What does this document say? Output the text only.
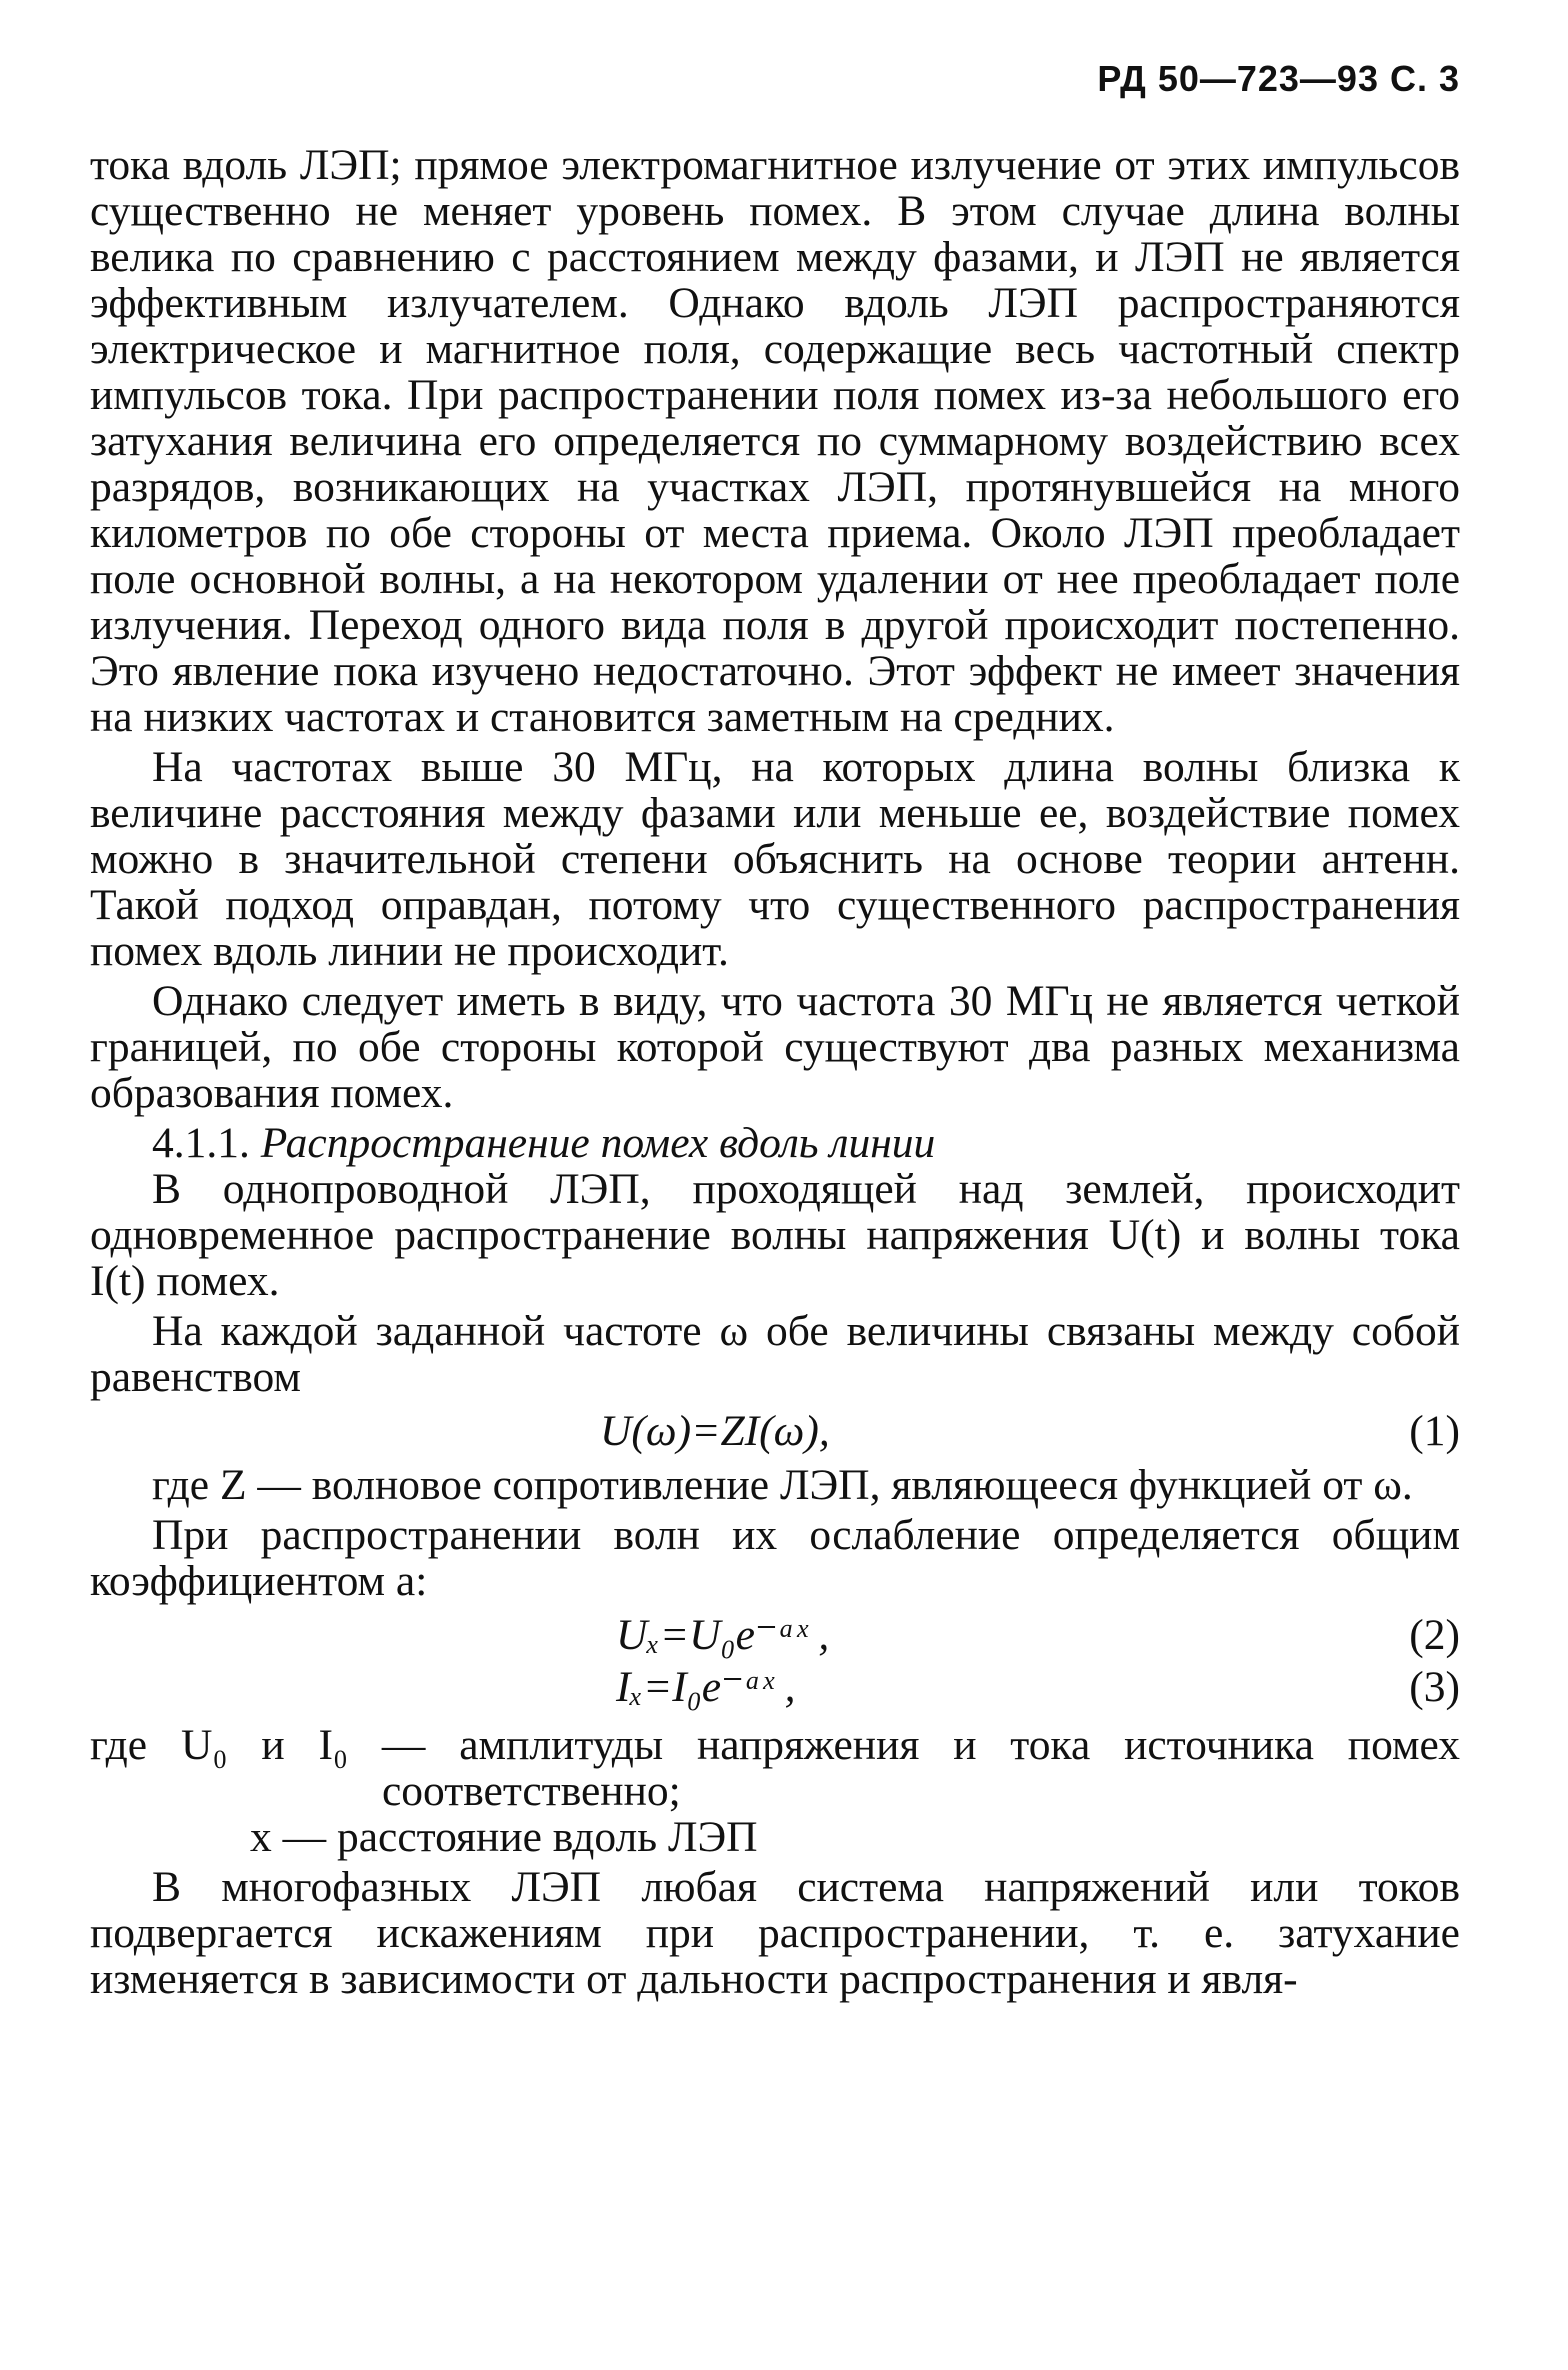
РД 50—723—93 С. 3

тока вдоль ЛЭП; прямое электромагнитное излучение от этих импульсов существенно не меняет уровень помех. В этом случае длина волны велика по сравнению с расстоянием между фазами, и ЛЭП не является эффективным излучателем. Однако вдоль ЛЭП распространяются электрическое и магнитное поля, содержащие весь частотный спектр импульсов тока. При распространении поля помех из-за небольшого его затухания величина его определяется по суммарному воздействию всех разрядов, возникающих на участках ЛЭП, протянувшейся на много километров по обе стороны от места приема. Около ЛЭП преобладает поле основной волны, а на некотором удалении от нее преобладает поле излучения. Переход одного вида поля в другой происходит постепенно. Это явление пока изучено недостаточно. Этот эффект не имеет значения на низких частотах и становится заметным на средних.

На частотах выше 30 МГц, на которых длина волны близка к величине расстояния между фазами или меньше ее, воздействие помех можно в значительной степени объяснить на основе теории антенн. Такой подход оправдан, потому что существенного распространения помех вдоль линии не происходит.

Однако следует иметь в виду, что частота 30 МГц не является четкой границей, по обе стороны которой существуют два разных механизма образования помех.

4.1.1. Распространение помех вдоль линии

В однопроводной ЛЭП, проходящей над землей, происходит одновременное распространение волны напряжения U(t) и волны тока I(t) помех.

На каждой заданной частоте ω обе величины связаны между собой равенством

U(ω)=ZI(ω),	(1)

где Z — волновое сопротивление ЛЭП, являющееся функцией от ω.

При распространении волн их ослабление определяется общим коэффициентом a:

Uₓ=U₀e⁻ᵃˣ ,	(2)
Iₓ=I₀e⁻ᵃˣ ,	(3)

где U₀ и I₀ — амплитуды напряжения и тока источника помех соответственно;

x — расстояние вдоль ЛЭП

В многофазных ЛЭП любая система напряжений или токов подвергается искажениям при распространении, т. е. затухание изменяется в зависимости от дальности распространения и явля-
